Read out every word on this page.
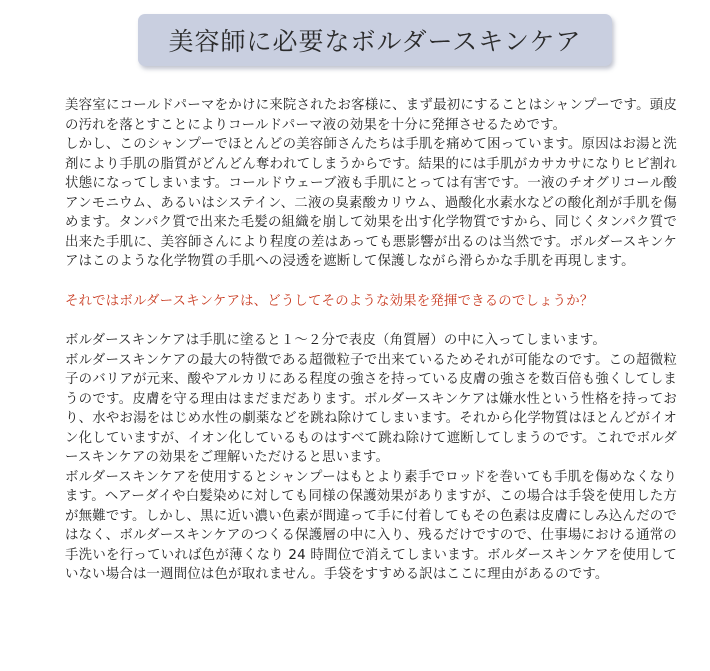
美容師に必要なボルダースキンケア

美容室にコールドパーマをかけに来院されたお客様に、まず最初にすることはシャンプーです。頭皮の汚れを落とすことによりコールドパーマ液の効果を十分に発揮させるためです。

しかし、このシャンプーでほとんどの美容師さんたちは手肌を痛めて困っています。原因はお湯と洗剤により手肌の脂質がどんどん奪われてしまうからです。結果的には手肌がカサカサになりヒビ割れ状態になってしまいます。コールドウェーブ液も手肌にとっては有害です。一液のチオグリコール酸アンモニウム、あるいはシステイン、二液の臭素酸カリウム、過酸化水素水などの酸化剤が手肌を傷めます。タンパク質で出来た毛髪の組織を崩して効果を出す化学物質ですから、同じくタンパク質で出来た手肌に、美容師さんにより程度の差はあっても悪影響が出るのは当然です。ボルダースキンケアはこのような化学物質の手肌への浸透を遮断して保護しながら滑らかな手肌を再現します。

それではボルダースキンケアは、どうしてそのような効果を発揮できるのでしょうか？

ボルダースキンケアは手肌に塗ると１～２分で表皮（角質層）の中に入ってしまいます。

ボルダースキンケアの最大の特徴である超微粒子で出来ているためそれが可能なのです。この超微粒子のバリアが元来、酸やアルカリにある程度の強さを持っている皮膚の強さを数百倍も強くしてしまうのです。皮膚を守る理由はまだまだあります。ボルダースキンケアは嫌水性という性格を持っており、水やお湯をはじめ水性の劇薬などを跳ね除けてしまいます。それから化学物質はほとんどがイオン化していますが、イオン化しているものはすべて跳ね除けて遮断してしまうのです。これでボルダースキンケアの効果をご理解いただけると思います。

ボルダースキンケアを使用するとシャンプーはもとより素手でロッドを巻いても手肌を傷めなくなります。ヘアーダイや白髪染めに対しても同様の保護効果がありますが、この場合は手袋を使用した方が無難です。しかし、黒に近い濃い色素が間違って手に付着してもその色素は皮膚にしみ込んだのではなく、ボルダースキンケアのつくる保護層の中に入り、残るだけですので、仕事場における通常の手洗いを行っていれば色が薄くなり 24 時間位で消えてしまいます。ボルダースキンケアを使用していない場合は一週間位は色が取れません。手袋をすすめる訳はここに理由があるのです。
